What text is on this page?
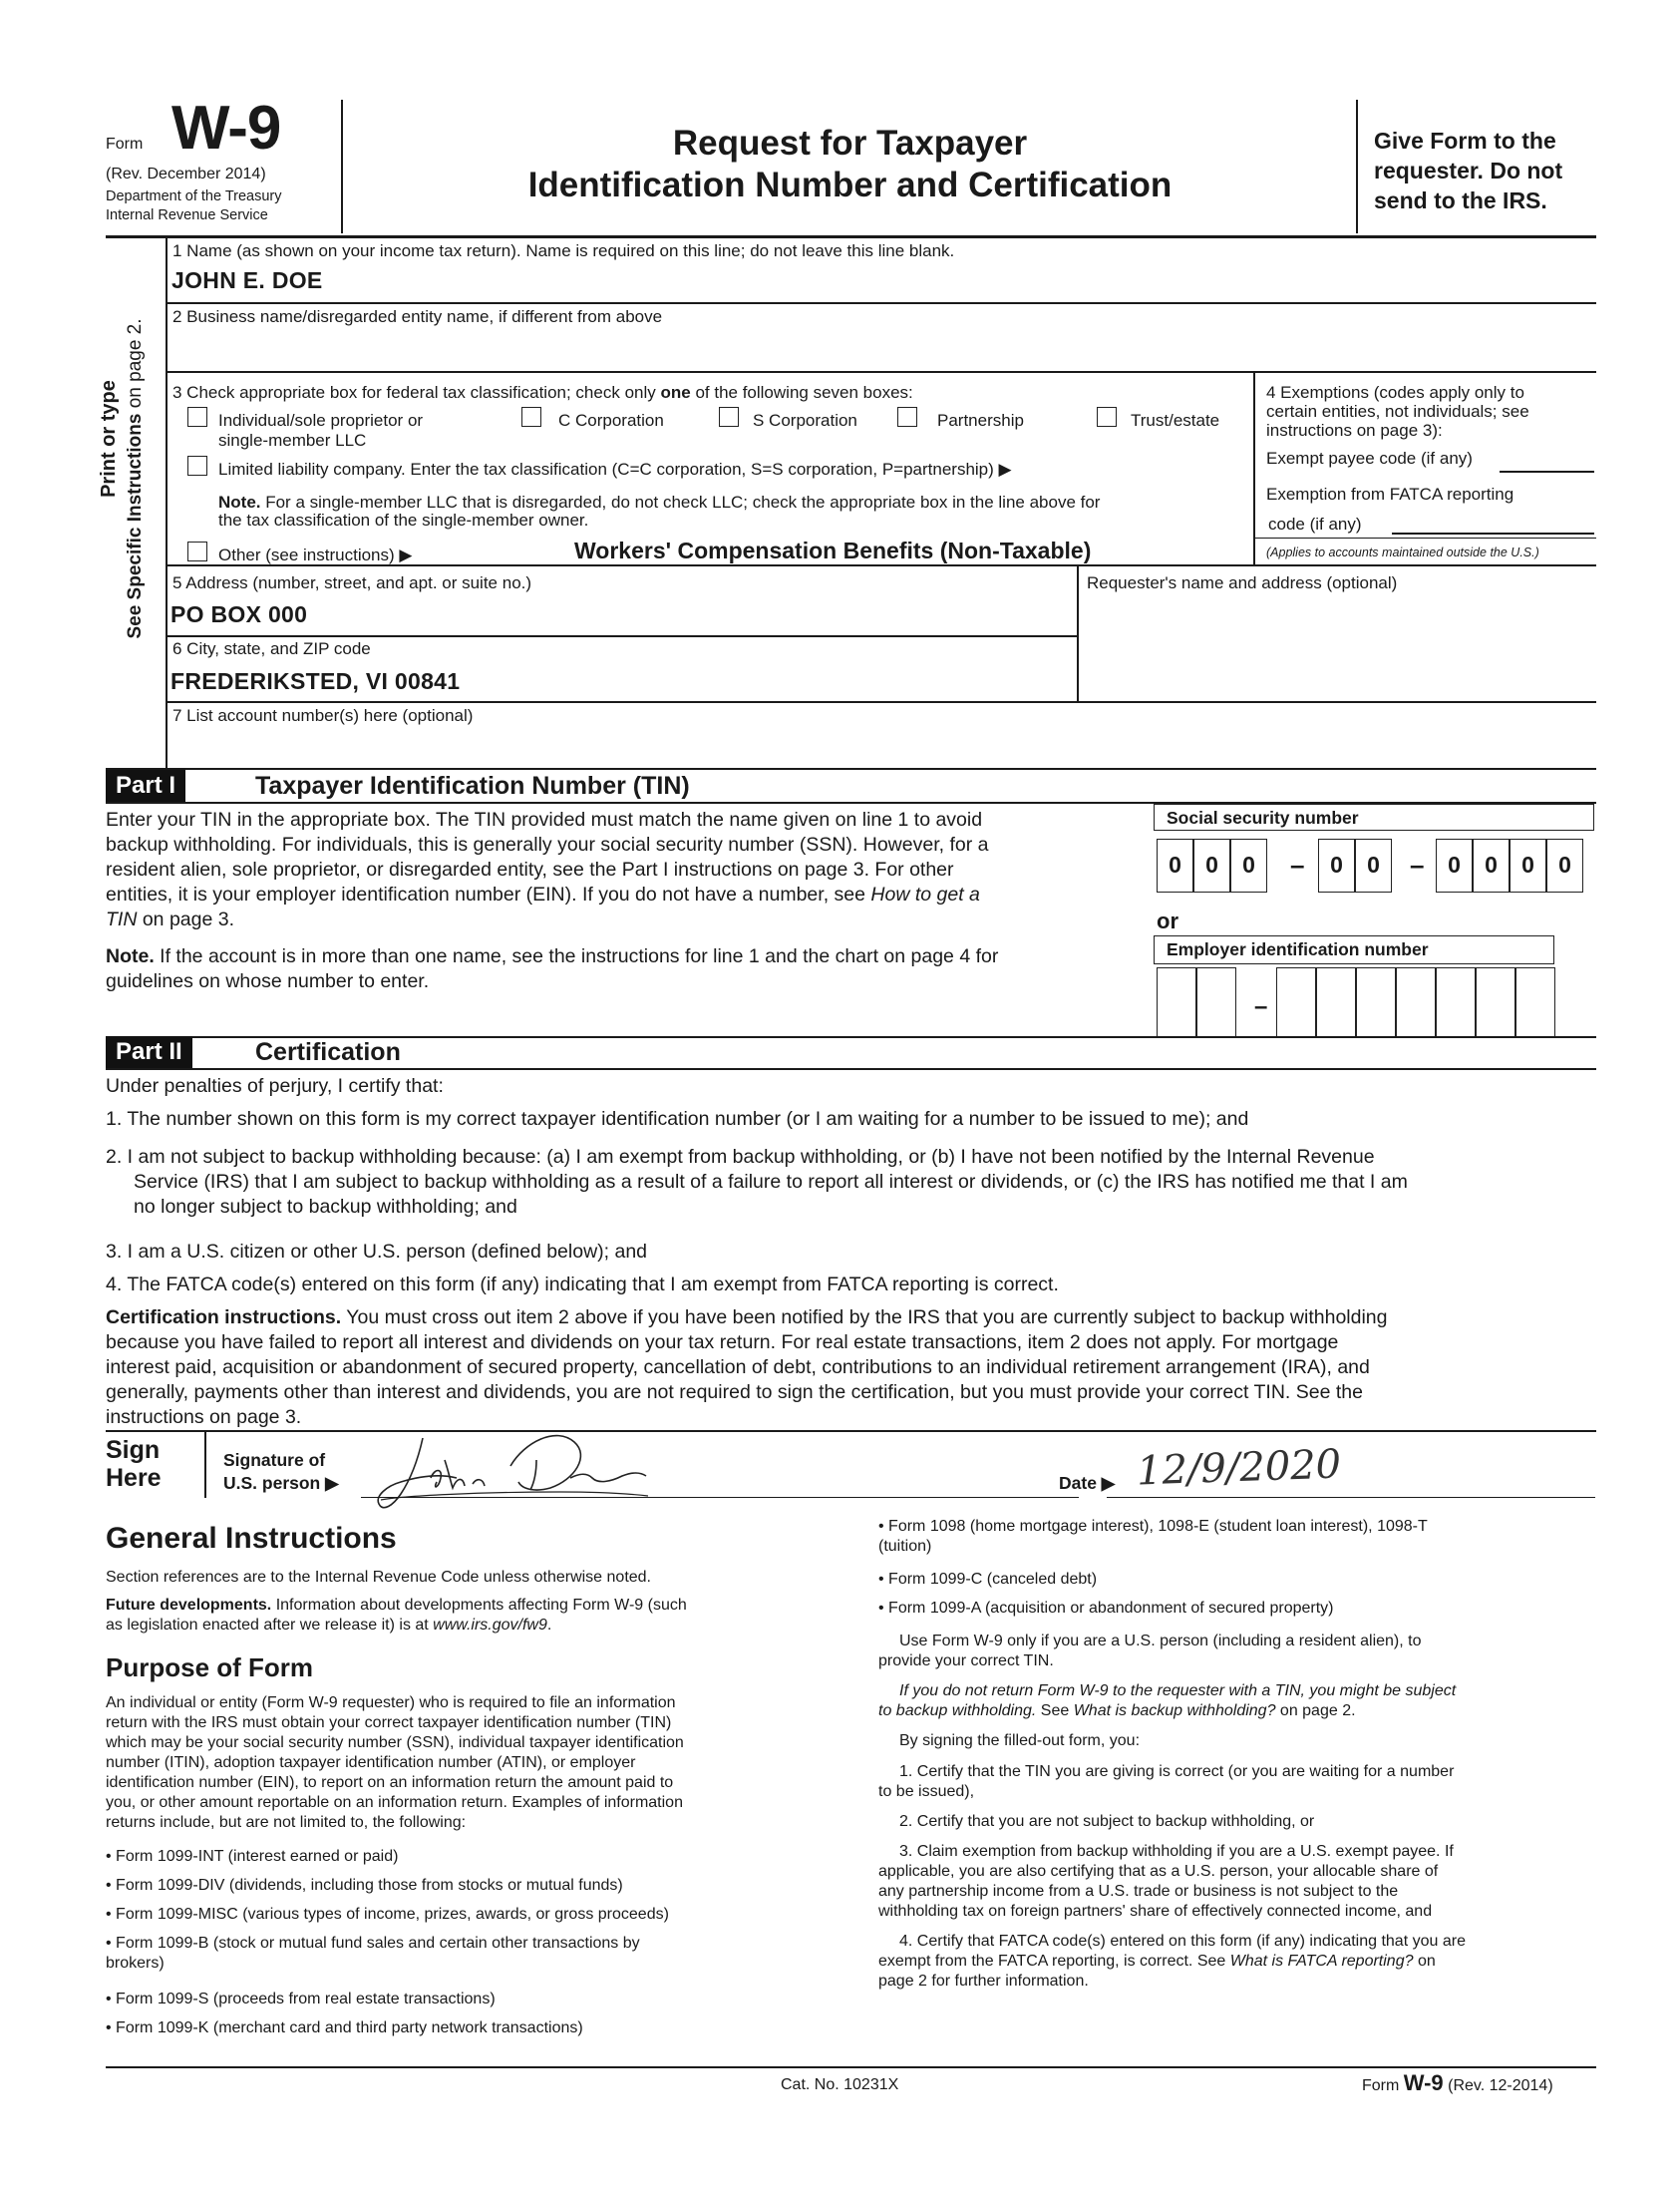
Form W-9
(Rev. December 2014)
Department of the Treasury
Internal Revenue Service
Request for Taxpayer
Identification Number and Certification
Give Form to the
requester. Do not
send to the IRS.
Print or type See Specific Instructions on page 2.
1 Name (as shown on your income tax return). Name is required on this line; do not leave this line blank.
JOHN E. DOE
2 Business name/disregarded entity name, if different from above
3 Check appropriate box for federal tax classification; check only one of the following seven boxes:
Individual/sole proprietor or
single-member LLC
C Corporation	S Corporation	Partnership	Trust/estate
Limited liability company. Enter the tax classification (C=C corporation, S=S corporation, P=partnership) ▶
Note. For a single-member LLC that is disregarded, do not check LLC; check the appropriate box in the line above for
the tax classification of the single-member owner.
Other (see instructions) ▶	Workers' Compensation Benefits (Non-Taxable)
4 Exemptions (codes apply only to
certain entities, not individuals; see
instructions on page 3):
Exempt payee code (if any)
Exemption from FATCA reporting
code (if any)
(Applies to accounts maintained outside the U.S.)
5 Address (number, street, and apt. or suite no.)
PO BOX 000
Requester's name and address (optional)
6 City, state, and ZIP code
FREDERIKSTED, VI 00841
7 List account number(s) here (optional)
Part I	Taxpayer Identification Number (TIN)
Enter your TIN in the appropriate box. The TIN provided must match the name given on line 1 to avoid
backup withholding. For individuals, this is generally your social security number (SSN). However, for a
resident alien, sole proprietor, or disregarded entity, see the Part I instructions on page 3. For other
entities, it is your employer identification number (EIN). If you do not have a number, see How to get a
TIN on page 3.
Note. If the account is in more than one name, see the instructions for line 1 and the chart on page 4 for
guidelines on whose number to enter.
Social security number
0	0	0	–	0	0	–	0	0	0	0
or
Employer identification number
–
Part II	Certification
Under penalties of perjury, I certify that:
1. The number shown on this form is my correct taxpayer identification number (or I am waiting for a number to be issued to me); and
2. I am not subject to backup withholding because: (a) I am exempt from backup withholding, or (b) I have not been notified by the Internal Revenue
Service (IRS) that I am subject to backup withholding as a result of a failure to report all interest or dividends, or (c) the IRS has notified me that I am
no longer subject to backup withholding; and
3. I am a U.S. citizen or other U.S. person (defined below); and
4. The FATCA code(s) entered on this form (if any) indicating that I am exempt from FATCA reporting is correct.
Certification instructions. You must cross out item 2 above if you have been notified by the IRS that you are currently subject to backup withholding
because you have failed to report all interest and dividends on your tax return. For real estate transactions, item 2 does not apply. For mortgage
interest paid, acquisition or abandonment of secured property, cancellation of debt, contributions to an individual retirement arrangement (IRA), and
generally, payments other than interest and dividends, you are not required to sign the certification, but you must provide your correct TIN. See the
instructions on page 3.
Sign
Here
Signature of
U.S. person ▶	Date ▶ 12/9/2020
General Instructions
Section references are to the Internal Revenue Code unless otherwise noted.
Future developments. Information about developments affecting Form W-9 (such
as legislation enacted after we release it) is at www.irs.gov/fw9.
Purpose of Form
An individual or entity (Form W-9 requester) who is required to file an information
return with the IRS must obtain your correct taxpayer identification number (TIN)
which may be your social security number (SSN), individual taxpayer identification
number (ITIN), adoption taxpayer identification number (ATIN), or employer
identification number (EIN), to report on an information return the amount paid to
you, or other amount reportable on an information return. Examples of information
returns include, but are not limited to, the following:
• Form 1099-INT (interest earned or paid)
• Form 1099-DIV (dividends, including those from stocks or mutual funds)
• Form 1099-MISC (various types of income, prizes, awards, or gross proceeds)
• Form 1099-B (stock or mutual fund sales and certain other transactions by
brokers)
• Form 1099-S (proceeds from real estate transactions)
• Form 1099-K (merchant card and third party network transactions)
• Form 1098 (home mortgage interest), 1098-E (student loan interest), 1098-T
(tuition)
• Form 1099-C (canceled debt)
• Form 1099-A (acquisition or abandonment of secured property)
Use Form W-9 only if you are a U.S. person (including a resident alien), to
provide your correct TIN.
If you do not return Form W-9 to the requester with a TIN, you might be subject
to backup withholding. See What is backup withholding? on page 2.
By signing the filled-out form, you:
1. Certify that the TIN you are giving is correct (or you are waiting for a number
to be issued),
2. Certify that you are not subject to backup withholding, or
3. Claim exemption from backup withholding if you are a U.S. exempt payee. If
applicable, you are also certifying that as a U.S. person, your allocable share of
any partnership income from a U.S. trade or business is not subject to the
withholding tax on foreign partners' share of effectively connected income, and
4. Certify that FATCA code(s) entered on this form (if any) indicating that you are
exempt from the FATCA reporting, is correct. See What is FATCA reporting? on
page 2 for further information.
Cat. No. 10231X	Form W-9 (Rev. 12-2014)
